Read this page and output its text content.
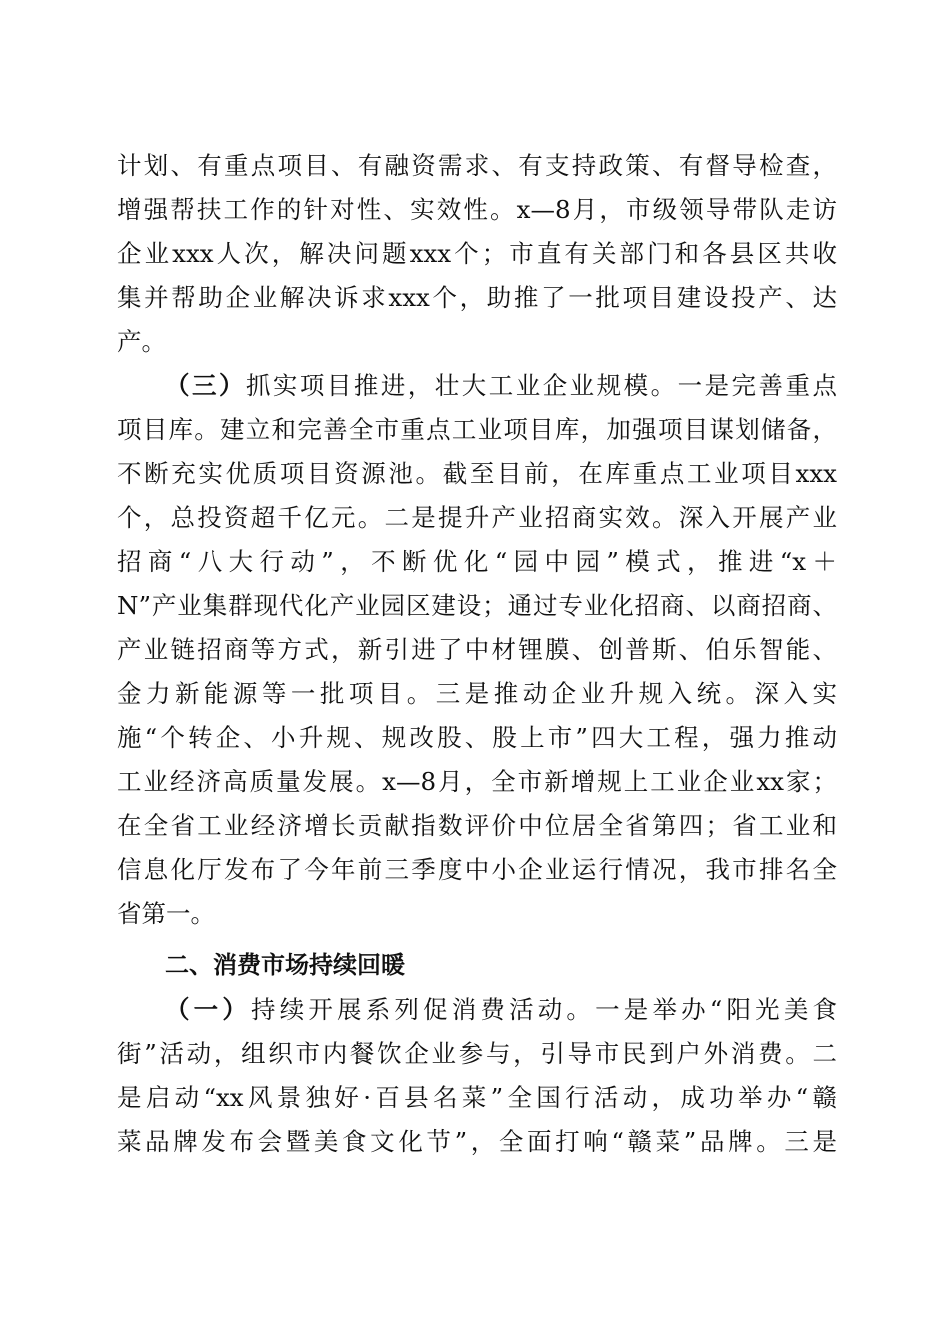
计划、有重点项目、有融资需求、有支持政策、有督导检查，
增强帮扶工作的针对性、实效性。x—8月，市级领导带队走访
企业xxx人次，解决问题xxx个；市直有关部门和各县区共收
集并帮助企业解决诉求xxx个，助推了一批项目建设投产、达
产。
（三）抓实项目推进，壮大工业企业规模。一是完善重点
项目库。建立和完善全市重点工业项目库，加强项目谋划储备，
不断充实优质项目资源池。截至目前，在库重点工业项目xxx
个，总投资超千亿元。二是提升产业招商实效。深入开展产业
招商“八大行动”，不断优化“园中园”模式，推进“x＋
N”产业集群现代化产业园区建设；通过专业化招商、以商招商、
产业链招商等方式，新引进了中材锂膜、创普斯、伯乐智能、
金力新能源等一批项目。三是推动企业升规入统。深入实
施“个转企、小升规、规改股、股上市”四大工程，强力推动
工业经济高质量发展。x—8月，全市新增规上工业企业xx家；
在全省工业经济增长贡献指数评价中位居全省第四；省工业和
信息化厅发布了今年前三季度中小企业运行情况，我市排名全
省第一。
二、消费市场持续回暖
（一）持续开展系列促消费活动。一是举办“阳光美食
街”活动，组织市内餐饮企业参与，引导市民到户外消费。二
是启动“xx风景独好·百县名菜”全国行活动，成功举办“赣
菜品牌发布会暨美食文化节”，全面打响“赣菜”品牌。三是
